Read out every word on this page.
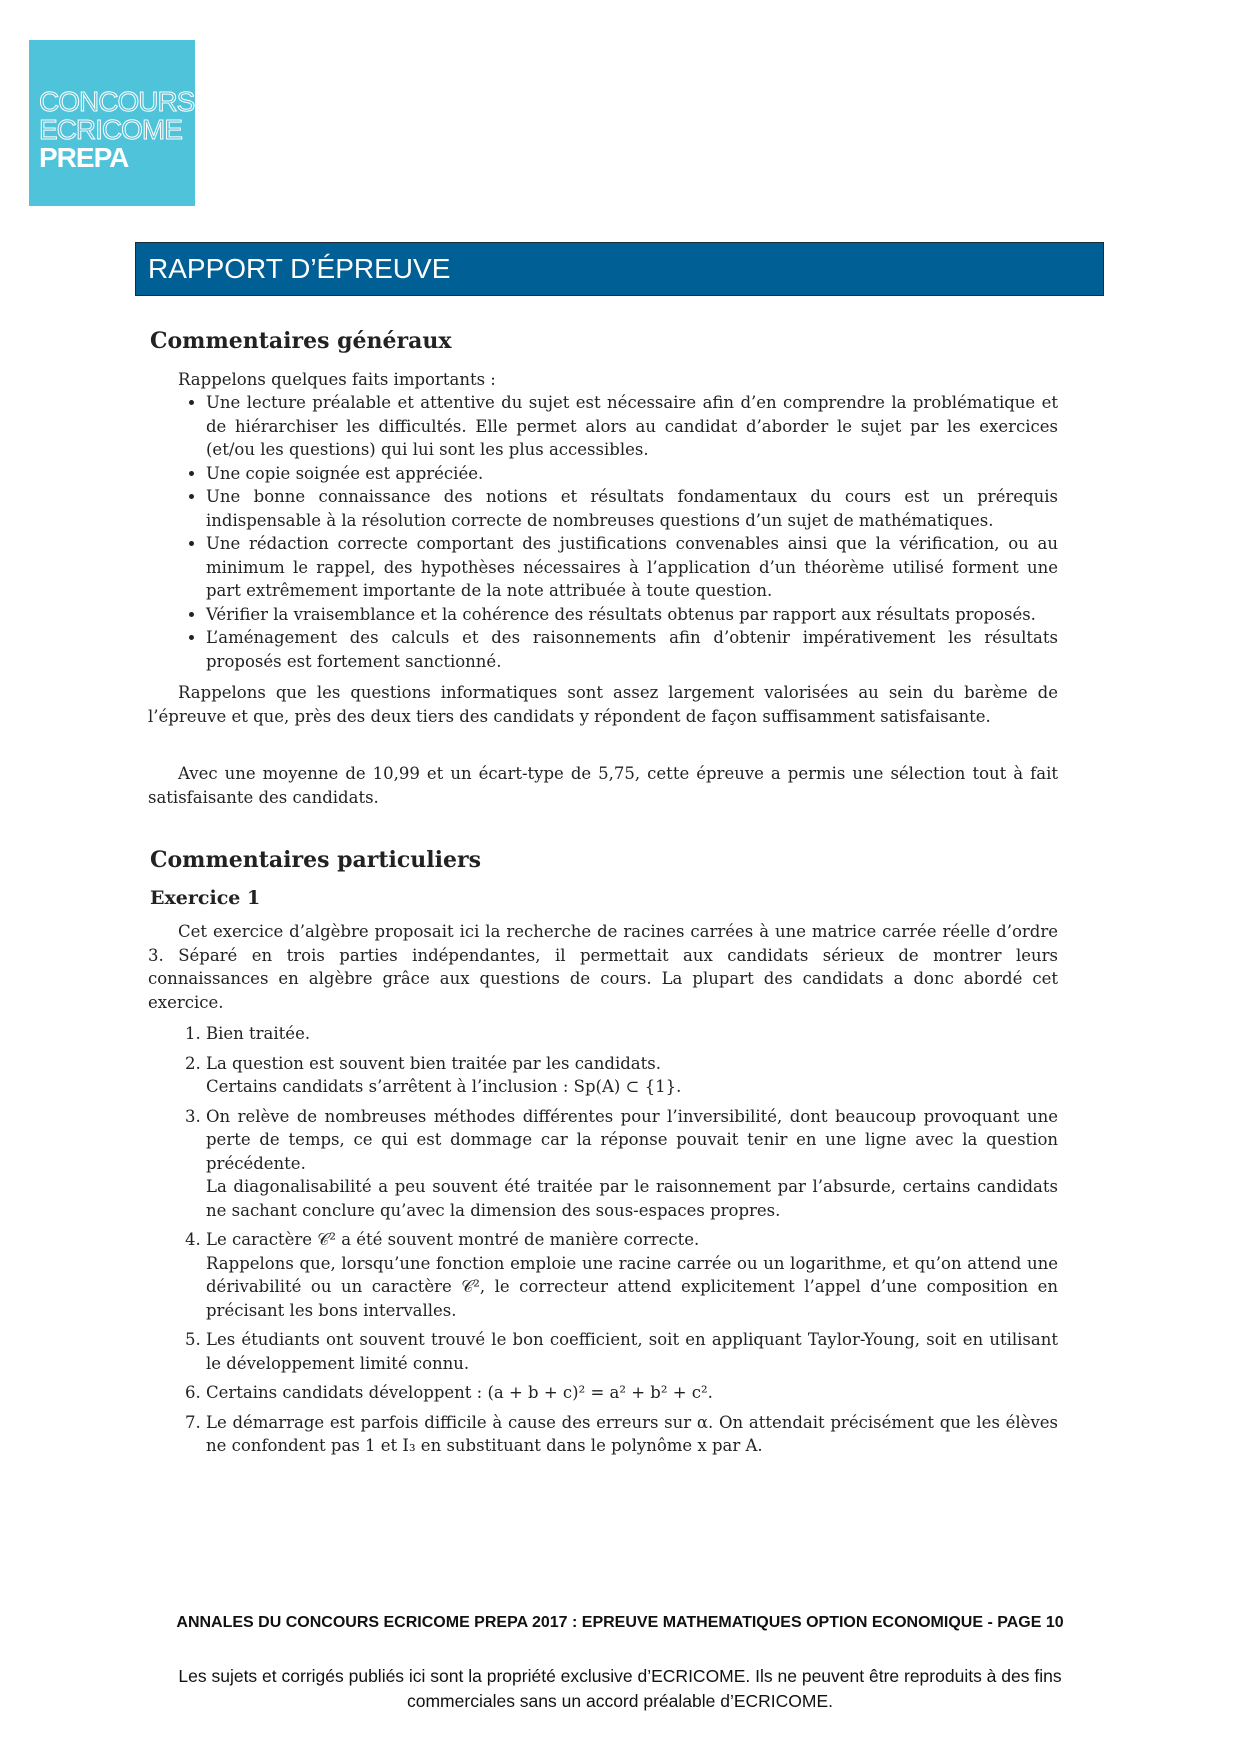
CONCOURS
ECRICOME
PREPA
RAPPORT D’ÉPREUVE
Commentaires généraux
Rappelons quelques faits importants :
• Une lecture préalable et attentive du sujet est nécessaire afin d’en comprendre la problématique et de hiérarchiser les difficultés. Elle permet alors au candidat d’aborder le sujet par les exercices (et/ou les questions) qui lui sont les plus accessibles.
• Une copie soignée est appréciée.
• Une bonne connaissance des notions et résultats fondamentaux du cours est un prérequis indispensable à la résolution correcte de nombreuses questions d’un sujet de mathématiques.
• Une rédaction correcte comportant des justifications convenables ainsi que la vérification, ou au minimum le rappel, des hypothèses nécessaires à l’application d’un théorème utilisé forment une part extrêmement importante de la note attribuée à toute question.
• Vérifier la vraisemblance et la cohérence des résultats obtenus par rapport aux résultats proposés.
• L’aménagement des calculs et des raisonnements afin d’obtenir impérativement les résultats proposés est fortement sanctionné.

Rappelons que les questions informatiques sont assez largement valorisées au sein du barème de l’épreuve et que, près des deux tiers des candidats y répondent de façon suffisamment satisfaisante.

Avec une moyenne de 10,99 et un écart-type de 5,75, cette épreuve a permis une sélection tout à fait satisfaisante des candidats.

Commentaires particuliers
Exercice 1

Cet exercice d’algèbre proposait ici la recherche de racines carrées à une matrice carrée réelle d’ordre 3. Séparé en trois parties indépendantes, il permettait aux candidats sérieux de montrer leurs connaissances en algèbre grâce aux questions de cours. La plupart des candidats a donc abordé cet exercice.

1. Bien traitée.
2. La question est souvent bien traitée par les candidats.
Certains candidats s’arrêtent à l’inclusion : Sp(A) ⊂ {1}.
3. On relève de nombreuses méthodes différentes pour l’inversibilité, dont beaucoup provoquant une perte de temps, ce qui est dommage car la réponse pouvait tenir en une ligne avec la question précédente.
La diagonalisabilité a peu souvent été traitée par le raisonnement par l’absurde, certains candidats ne sachant conclure qu’avec la dimension des sous-espaces propres.
4. Le caractère 𝒞² a été souvent montré de manière correcte.
Rappelons que, lorsqu’une fonction emploie une racine carrée ou un logarithme, et qu’on attend une dérivabilité ou un caractère 𝒞², le correcteur attend explicitement l’appel d’une composition en précisant les bons intervalles.
5. Les étudiants ont souvent trouvé le bon coefficient, soit en appliquant Taylor-Young, soit en utilisant le développement limité connu.
6. Certains candidats développent : (a + b + c)² = a² + b² + c².
7. Le démarrage est parfois difficile à cause des erreurs sur α. On attendait précisément que les élèves ne confondent pas 1 et I₃ en substituant dans le polynôme x par A.
ANNALES DU CONCOURS ECRICOME PREPA 2017 : EPREUVE MATHEMATIQUES OPTION ECONOMIQUE - PAGE 10
Les sujets et corrigés publiés ici sont la propriété exclusive d’ECRICOME. Ils ne peuvent être reproduits à des fins commerciales sans un accord préalable d’ECRICOME.
